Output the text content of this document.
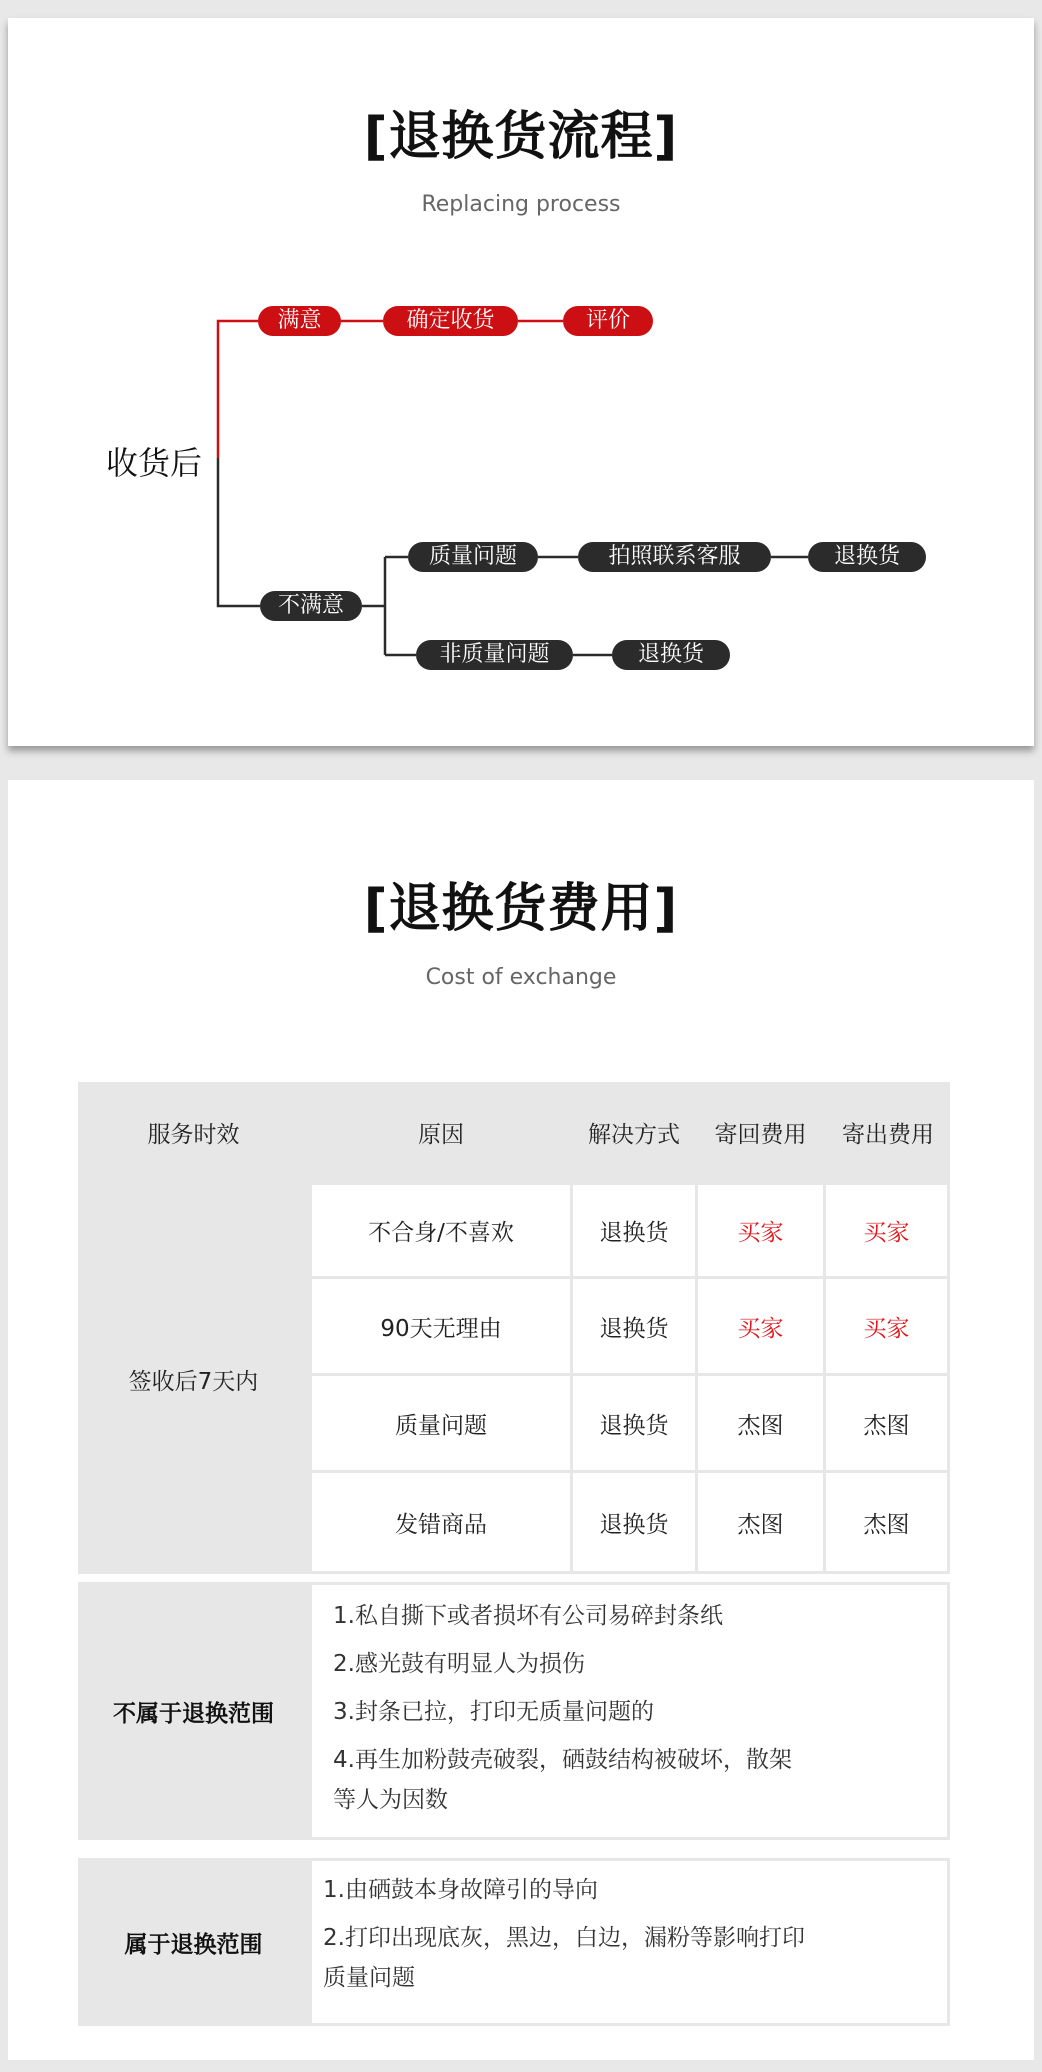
[退换货流程]
Replacing process
收货后
满意	确定收货	评价
不满意
质量问题	拍照联系客服	退换货
非质量问题	退换货
[退换货费用]
Cost of exchange
服务时效	原因	解决方式	寄回费用	寄出费用
签收后7天内
不合身/不喜欢	退换货	买家	买家
90天无理由	退换货	买家	买家
质量问题	退换货	杰图	杰图
发错商品	退换货	杰图	杰图
不属于退换范围
1.私自撕下或者损坏有公司易碎封条纸
2.感光鼓有明显人为损伤
3.封条已拉，打印无质量问题的
4.再生加粉鼓壳破裂，硒鼓结构被破坏，散架
等人为因数
属于退换范围
1.由硒鼓本身故障引的导向
2.打印出现底灰，黑边，白边，漏粉等影响打印
质量问题
